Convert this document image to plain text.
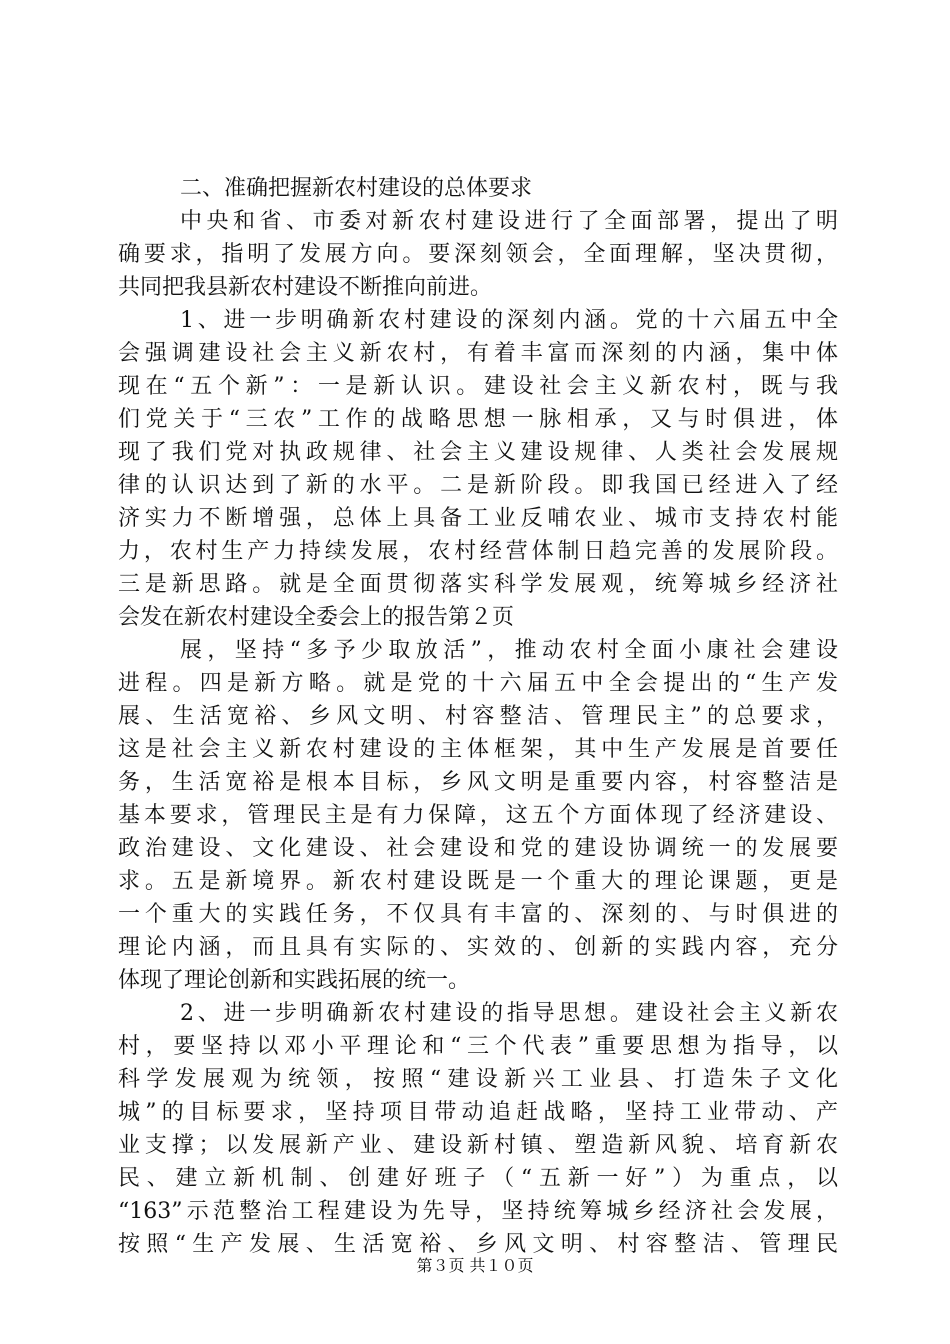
二、准确把握新农村建设的总体要求
中央和省、市委对新农村建设进行了全面部署，提出了明
确要求，指明了发展方向。要深刻领会，全面理解，坚决贯彻，
共同把我县新农村建设不断推向前进。
1、进一步明确新农村建设的深刻内涵。党的十六届五中全
会强调建设社会主义新农村，有着丰富而深刻的内涵，集中体
现在“五个新”：一是新认识。建设社会主义新农村，既与我
们党关于“三农”工作的战略思想一脉相承，又与时俱进，体
现了我们党对执政规律、社会主义建设规律、人类社会发展规
律的认识达到了新的水平。二是新阶段。即我国已经进入了经
济实力不断增强，总体上具备工业反哺农业、城市支持农村能
力，农村生产力持续发展，农村经营体制日趋完善的发展阶段。
三是新思路。就是全面贯彻落实科学发展观，统筹城乡经济社
会发在新农村建设全委会上的报告第２页
展，坚持“多予少取放活”，推动农村全面小康社会建设
进程。四是新方略。就是党的十六届五中全会提出的“生产发
展、生活宽裕、乡风文明、村容整洁、管理民主”的总要求，
这是社会主义新农村建设的主体框架，其中生产发展是首要任
务，生活宽裕是根本目标，乡风文明是重要内容，村容整洁是
基本要求，管理民主是有力保障，这五个方面体现了经济建设、
政治建设、文化建设、社会建设和党的建设协调统一的发展要
求。五是新境界。新农村建设既是一个重大的理论课题，更是
一个重大的实践任务，不仅具有丰富的、深刻的、与时俱进的
理论内涵，而且具有实际的、实效的、创新的实践内容，充分
体现了理论创新和实践拓展的统一。
2、进一步明确新农村建设的指导思想。建设社会主义新农
村，要坚持以邓小平理论和“三个代表”重要思想为指导，以
科学发展观为统领，按照“建设新兴工业县、打造朱子文化
城”的目标要求，坚持项目带动追赶战略，坚持工业带动、产
业支撑；以发展新产业、建设新村镇、塑造新风貌、培育新农
民、建立新机制、创建好班子（“五新一好”）为重点，以
“163”示范整治工程建设为先导，坚持统筹城乡经济社会发展，
按照“生产发展、生活宽裕、乡风文明、村容整洁、管理民
第３页 共１０页
